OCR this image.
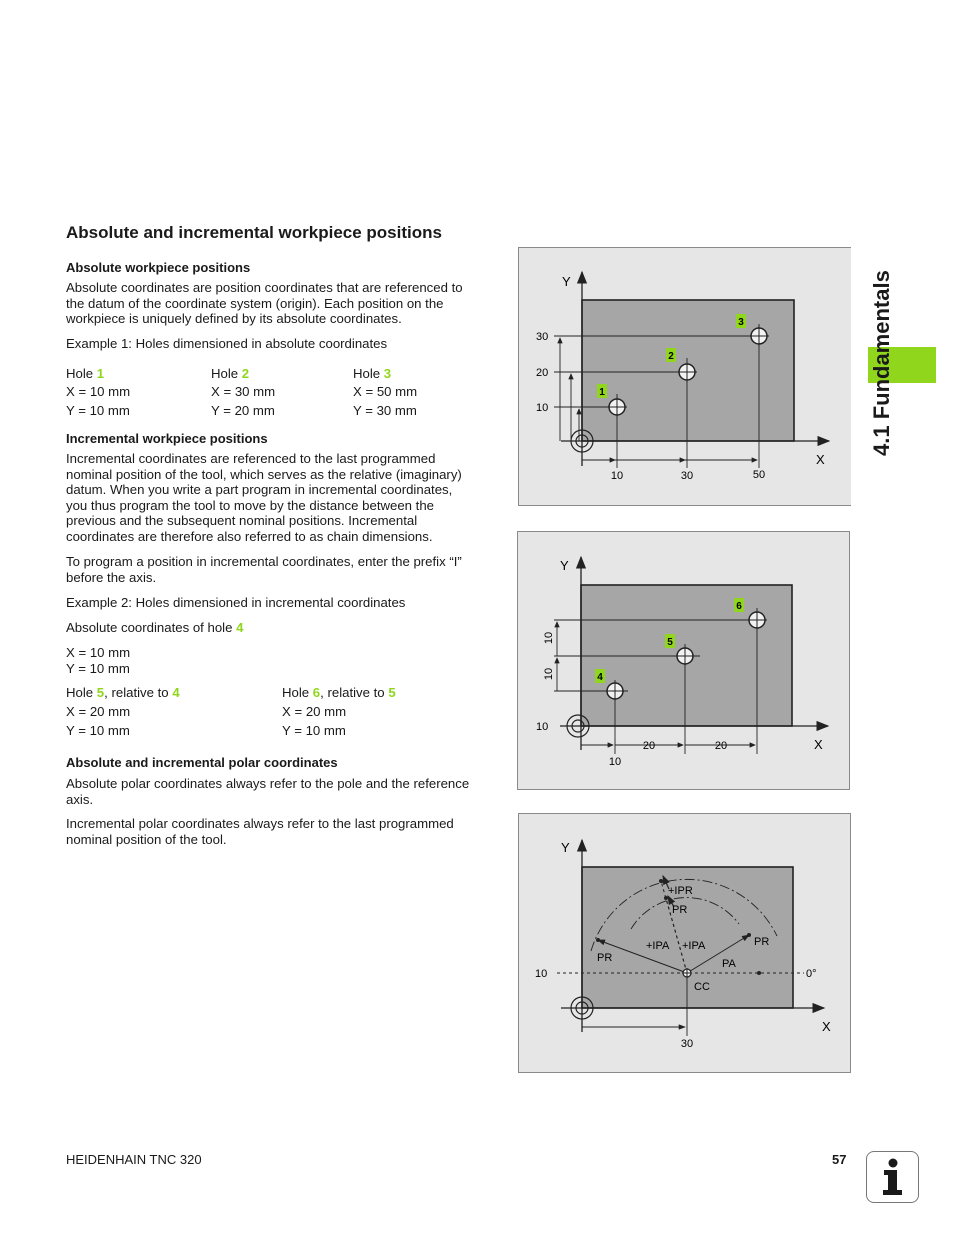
Absolute and incremental workpiece positions
4.1 Fundamentals
Absolute workpiece positions
Absolute coordinates are position coordinates that are referenced to
the datum of the coordinate system (origin). Each position on the
workpiece is uniquely defined by its absolute coordinates.
Example 1: Holes dimensioned in absolute coordinates
Hole 1	Hole 2	Hole 3
X = 10 mm	X = 30 mm	X = 50 mm
Y = 10 mm	Y = 20 mm	Y = 30 mm
Incremental workpiece positions
Incremental coordinates are referenced to the last programmed
nominal position of the tool, which serves as the relative (imaginary)
datum. When you write a part program in incremental coordinates,
you thus program the tool to move by the distance between the
previous and the subsequent nominal positions. Incremental
coordinates are therefore also referred to as chain dimensions.
To program a position in incremental coordinates, enter the prefix “I”
before the axis.
Example 2: Holes dimensioned in incremental coordinates
Absolute coordinates of hole 4
X = 10 mm
Y = 10 mm
Hole 5, relative to 4	Hole 6, relative to 5
X = 20 mm	X = 20 mm
Y = 10 mm	Y = 10 mm
Absolute and incremental polar coordinates
Absolute polar coordinates always refer to the pole and the reference
axis.
Incremental polar coordinates always refer to the last programmed
nominal position of the tool.
Y
X
1
2
3
30
20
10
10	30	50
Y
X
4
5
6
10
10
10
20	20
10
Y
X
+IPR
PR
+IPA +IPA
PR
PR
PA
CC
0°
10
30
HEIDENHAIN TNC 320	57
